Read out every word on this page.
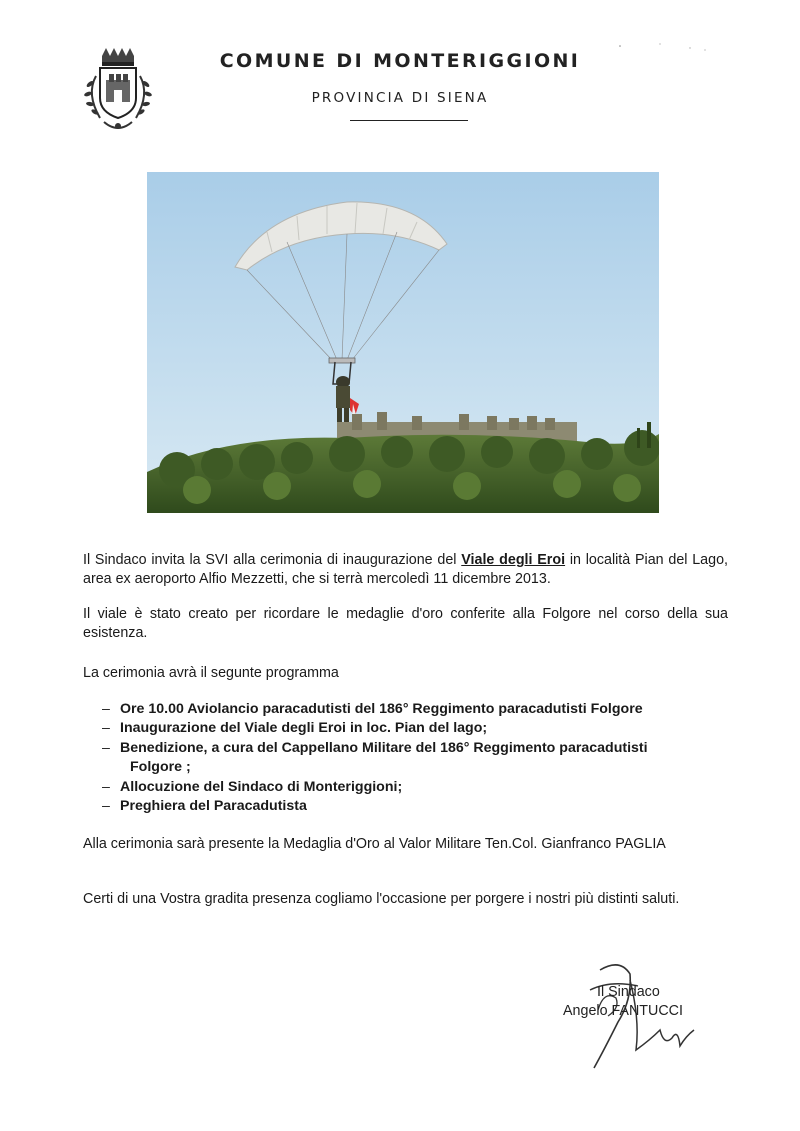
COMUNE DI MONTERIGGIONI
PROVINCIA DI SIENA
Il Sindaco invita la SVI alla cerimonia di inaugurazione del Viale degli Eroi in località Pian del Lago, area ex aeroporto Alfio Mezzetti, che si terrà mercoledì 11 dicembre 2013.
Il viale è stato creato per ricordare le medaglie d'oro conferite alla Folgore nel corso della sua esistenza.
La cerimonia avrà il segunte programma
– Ore 10.00 Aviolancio paracadutisti del 186° Reggimento paracadutisti Folgore
– Inaugurazione del Viale degli Eroi in loc. Pian del lago;
– Benedizione, a cura del Cappellano Militare del 186° Reggimento paracadutisti
Folgore ;
– Allocuzione del Sindaco di Monteriggioni;
– Preghiera del Paracadutista
Alla cerimonia sarà presente la Medaglia d'Oro al Valor Militare Ten.Col. Gianfranco PAGLIA
Certi di una Vostra gradita presenza cogliamo l'occasione per porgere i nostri più distinti saluti.
Il Sindaco
Angelo FANTUCCI
